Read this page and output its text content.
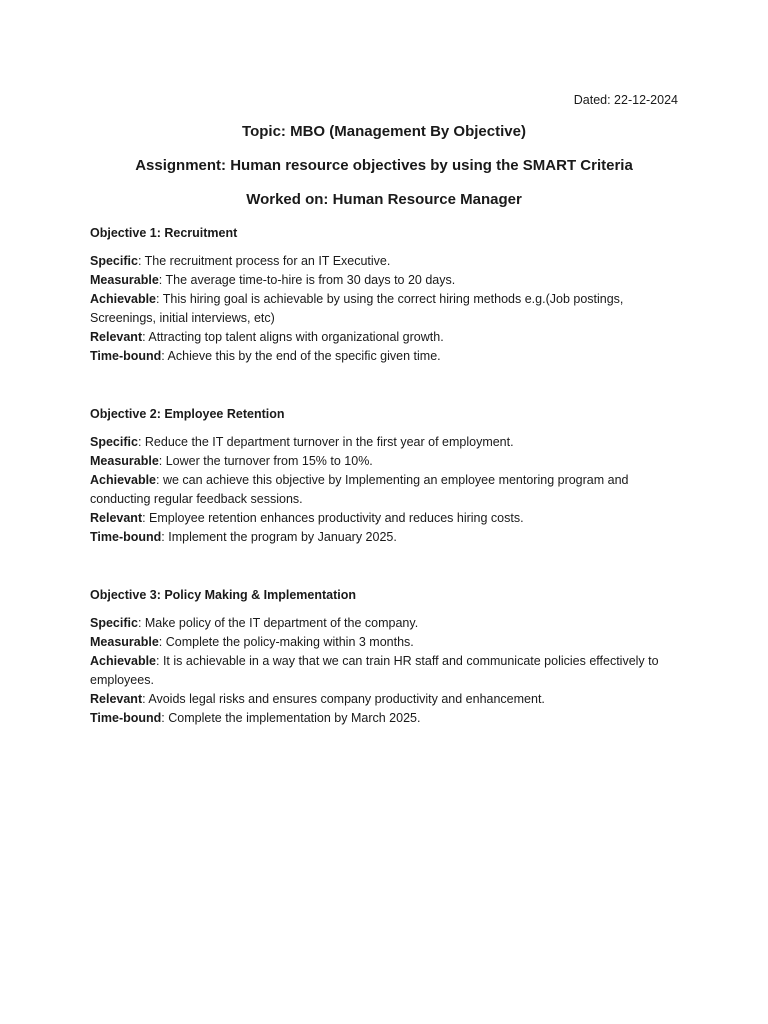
Dated: 22-12-2024
Topic: MBO (Management By Objective)
Assignment: Human resource objectives by using the SMART Criteria
Worked on: Human Resource Manager
Objective 1: Recruitment

Specific: The recruitment process for an IT Executive.

Measurable: The average time-to-hire is from 30 days to 20 days.

Achievable: This hiring goal is achievable by using the correct hiring methods e.g.(Job postings, Screenings, initial interviews, etc)

Relevant: Attracting top talent aligns with organizational growth.

Time-bound: Achieve this by the end of the specific given time.

Objective 2: Employee Retention

Specific: Reduce the IT department turnover in the first year of employment.

Measurable: Lower the turnover from 15% to 10%.

Achievable: we can achieve this objective by Implementing an employee mentoring program and conducting regular feedback sessions.

Relevant: Employee retention enhances productivity and reduces hiring costs.

Time-bound: Implement the program by January 2025.

Objective 3: Policy Making & Implementation

Specific: Make policy of the IT department of the company.

Measurable: Complete the policy-making within 3 months.

Achievable: It is achievable in a way that we can train HR staff and communicate policies effectively to employees.

Relevant: Avoids legal risks and ensures company productivity and enhancement.

Time-bound: Complete the implementation by March 2025.
